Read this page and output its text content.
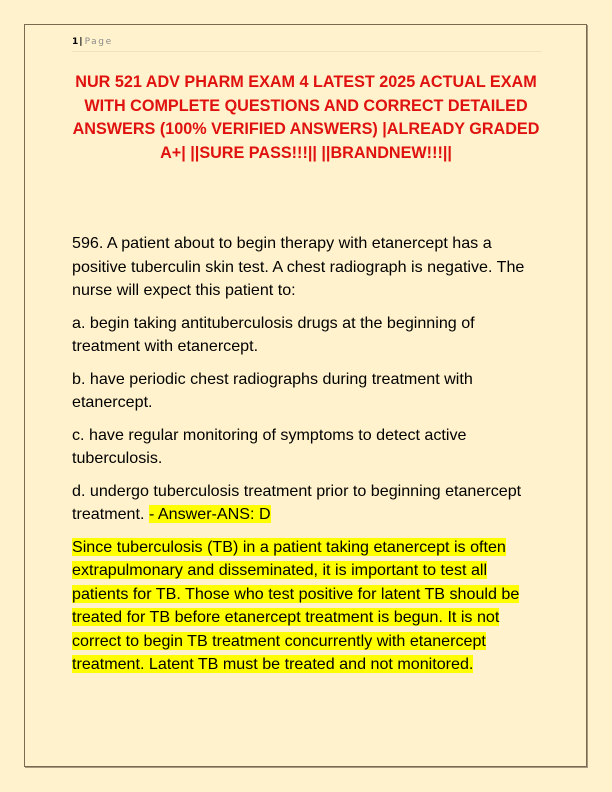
1| Page
NUR 521 ADV PHARM EXAM 4 LATEST 2025 ACTUAL EXAM WITH COMPLETE QUESTIONS AND CORRECT DETAILED ANSWERS (100% VERIFIED ANSWERS) |ALREADY GRADED A+| ||SURE PASS!!!|| ||BRANDNEW!!!||

596. A patient about to begin therapy with etanercept has a positive tuberculin skin test. A chest radiograph is negative. The nurse will expect this patient to:

a. begin taking antituberculosis drugs at the beginning of treatment with etanercept.

b. have periodic chest radiographs during treatment with etanercept.

c. have regular monitoring of symptoms to detect active tuberculosis.

d. undergo tuberculosis treatment prior to beginning etanercept treatment. - Answer-ANS: D

Since tuberculosis (TB) in a patient taking etanercept is often extrapulmonary and disseminated, it is important to test all patients for TB. Those who test positive for latent TB should be treated for TB before etanercept treatment is begun. It is not correct to begin TB treatment concurrently with etanercept treatment. Latent TB must be treated and not monitored.
